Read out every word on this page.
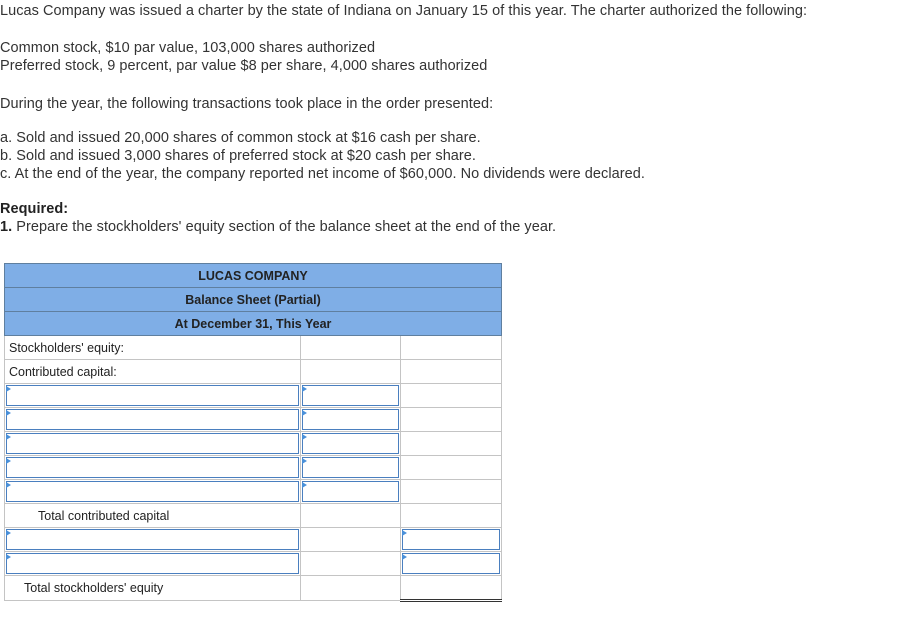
Lucas Company was issued a charter by the state of Indiana on January 15 of this year. The charter authorized the following:
Common stock, $10 par value, 103,000 shares authorized
Preferred stock, 9 percent, par value $8 per share, 4,000 shares authorized
During the year, the following transactions took place in the order presented:
a. Sold and issued 20,000 shares of common stock at $16 cash per share.
b. Sold and issued 3,000 shares of preferred stock at $20 cash per share.
c. At the end of the year, the company reported net income of $60,000. No dividends were declared.
Required:
1. Prepare the stockholders' equity section of the balance sheet at the end of the year.
LUCAS COMPANY		
Balance Sheet (Partial)		
At December 31, This Year		
Stockholders' equity:		
Contributed capital:		

Total contributed capital		

Total stockholders' equity		
